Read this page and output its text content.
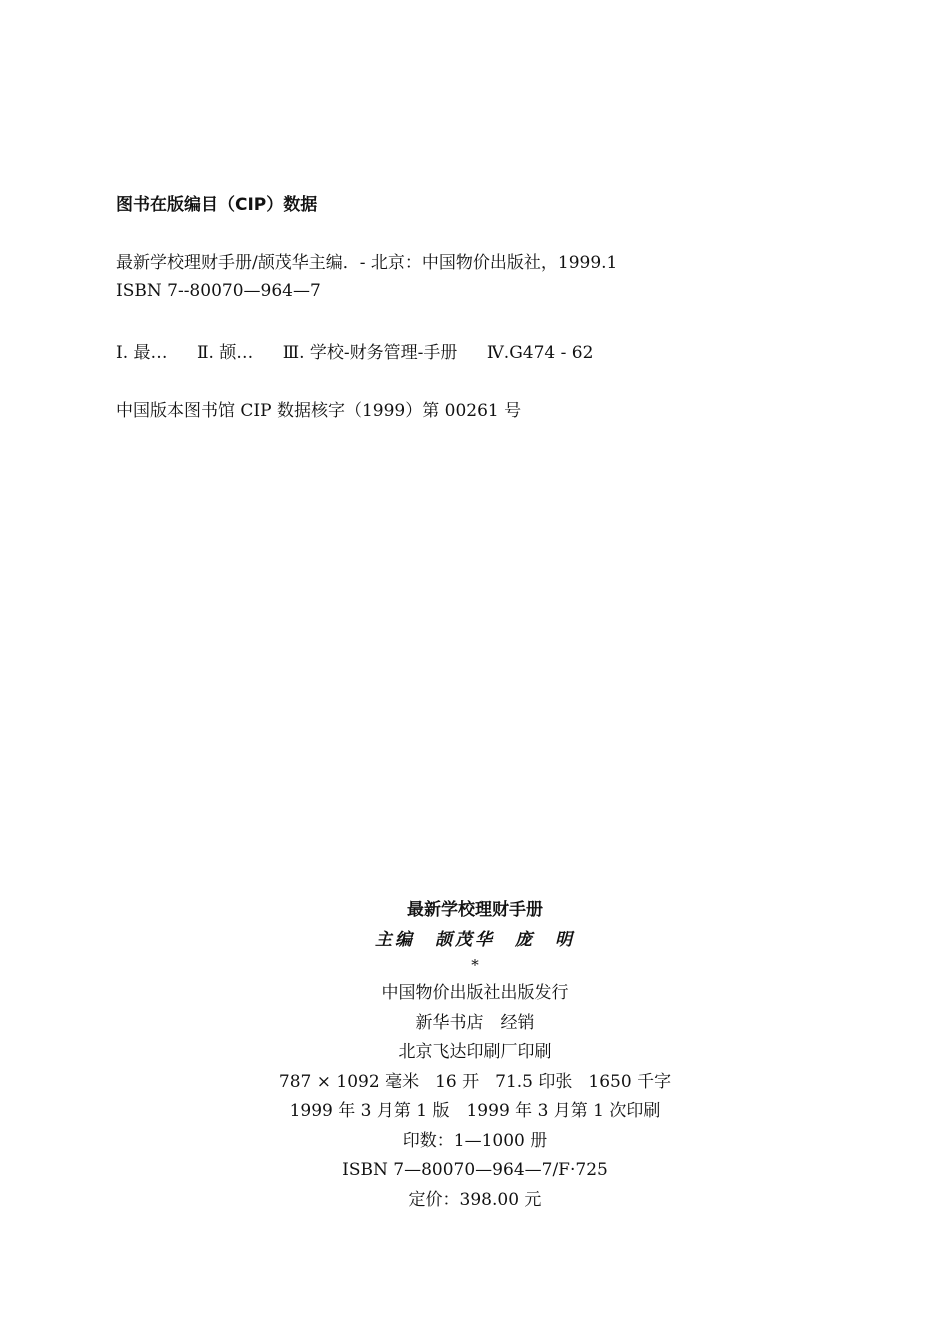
图书在版编目（CIP）数据

最新学校理财手册/颉茂华主编．- 北京：中国物价出版社，1999.1

ISBN 7--80070—964—7

Ⅰ. 最… Ⅱ. 颉… Ⅲ. 学校-财务管理-手册 Ⅳ.G474 - 62

中国版本图书馆 CIP 数据核字（1999）第 00261 号

最新学校理财手册
主编 颉茂华 庞　明
*
中国物价出版社出版发行
新华书店　经销
北京飞达印刷厂印刷
787 × 1092 毫米 16 开 71.5 印张 1650 千字
1999 年 3 月第 1 版　1999 年 3 月第 1 次印刷
印数：1—1000 册
ISBN 7—80070—964—7/F·725
定价：398.00 元
